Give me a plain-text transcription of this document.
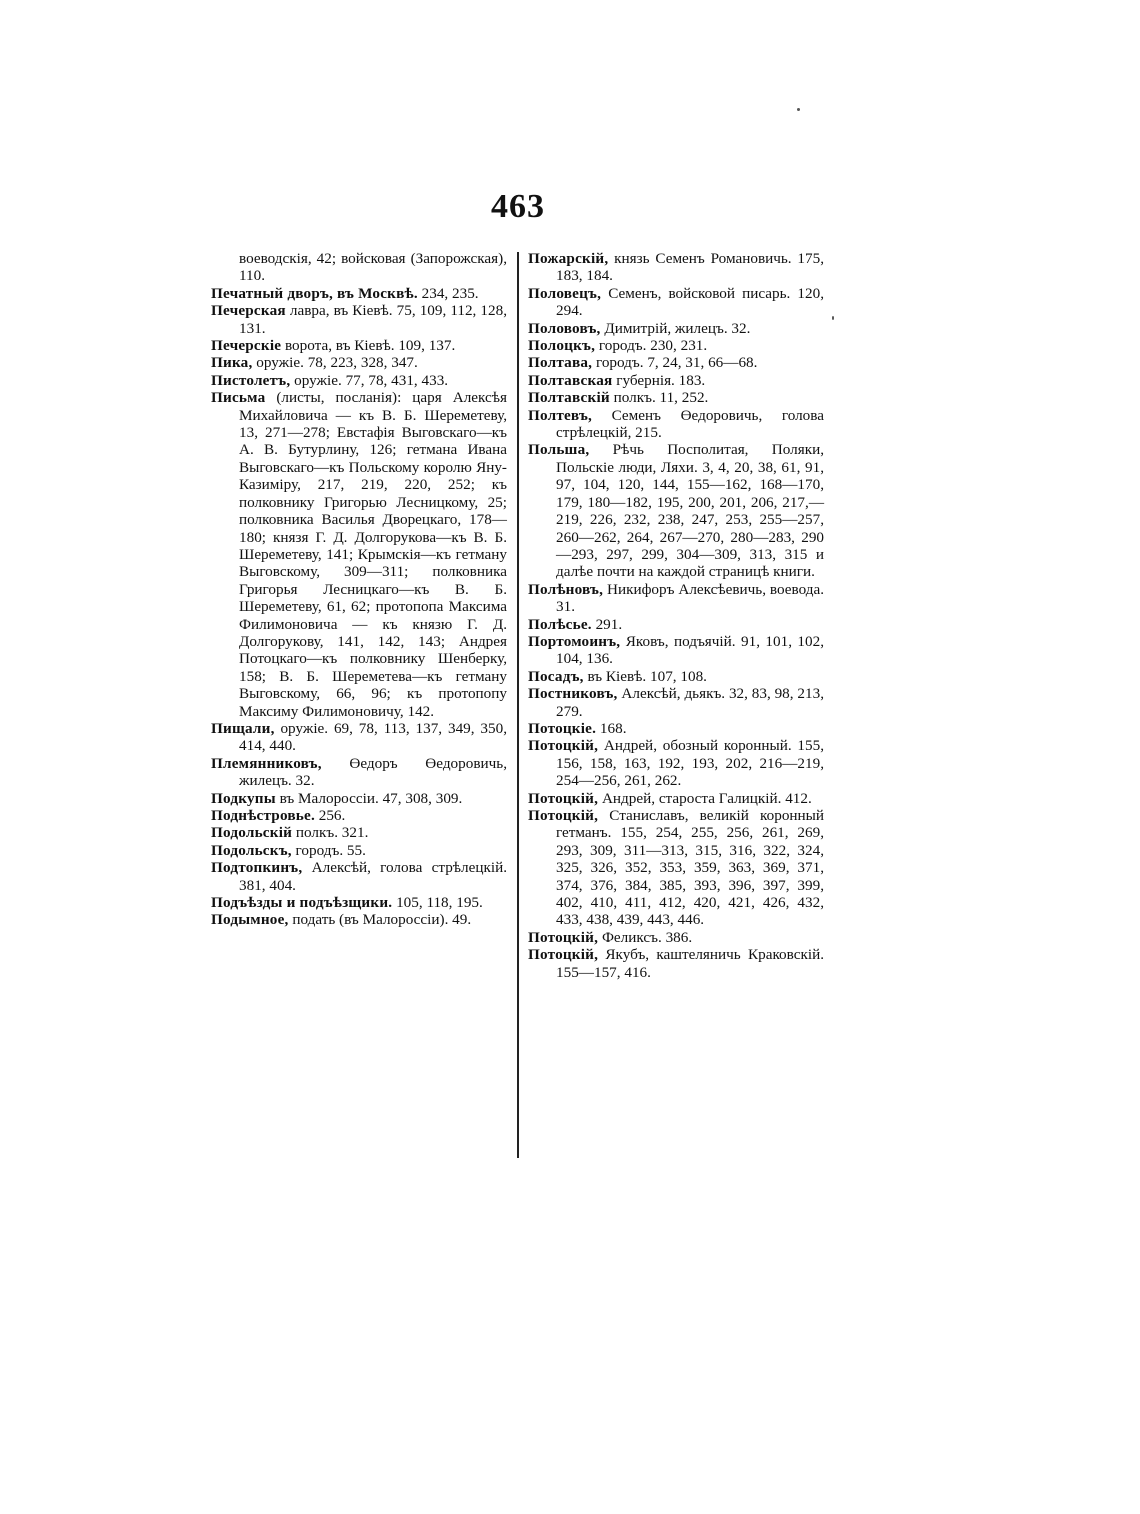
463

воеводскія, 42; войсковая (Запорожская), 110.

Печатный дворъ, въ Москвѣ. 234, 235.

Печерская лавра, въ Кіевѣ. 75, 109, 112, 128, 131.

Печерскіе ворота, въ Кіевѣ. 109, 137.

Пика, оружіе. 78, 223, 328, 347.

Пистолетъ, оружіе. 77, 78, 431, 433.

Письма (листы, посланія): царя Алексѣя Михайловича — къ В. Б. Шереметеву, 13, 271—278; Евстафія Выговскаго—къ А. В. Бутурлину, 126; гетмана Ивана Выговскаго—къ Польскому королю Яну-Казиміру, 217, 219, 220, 252; къ полковнику Григорью Лесницкому, 25; полковника Василья Дворецкаго, 178—180; князя Г. Д. Долгорукова—къ В. Б. Шереметеву, 141; Крымскія—къ гетману Выговскому, 309—311; полковника Григорья Лесницкаго—къ В. Б. Шереметеву, 61, 62; протопопа Максима Филимоновича — къ князю Г. Д. Долгорукову, 141, 142, 143; Андрея Потоцкаго—къ полковнику Шенберку, 158; В. Б. Шереметева—къ гетману Выговскому, 66, 96; къ протопопу Максиму Филимоновичу, 142.

Пищали, оружіе. 69, 78, 113, 137, 349, 350, 414, 440.

Племянниковъ, Өедоръ Өедоровичь, жилецъ. 32.

Подкупы въ Малороссіи. 47, 308, 309.

Поднѣстровье. 256.

Подольскій полкъ. 321.

Подольскъ, городъ. 55.

Подтопкинъ, Алексѣй, голова стрѣлецкій. 381, 404.

Подъѣзды и подъѣзщики. 105, 118, 195.

Подымное, подать (въ Малороссіи). 49.

Пожарскій, князь Семенъ Романовичь. 175, 183, 184.

Половецъ, Семенъ, войсковой писарь. 120, 294.

Полововъ, Димитрій, жилецъ. 32.

Полоцкъ, городъ. 230, 231.

Полтава, городъ. 7, 24, 31, 66—68.

Полтавская губернія. 183.

Полтавскій полкъ. 11, 252.

Полтевъ, Семенъ Өедоровичь, голова стрѣлецкій, 215.

Польша, Рѣчь Посполитая, Поляки, Польскіе люди, Ляхи. 3, 4, 20, 38, 61, 91, 97, 104, 120, 144, 155—162, 168—170, 179, 180—182, 195, 200, 201, 206, 217,—219, 226, 232, 238, 247, 253, 255—257, 260—262, 264, 267—270, 280—283, 290—293, 297, 299, 304—309, 313, 315 и далѣе почти на каждой страницѣ книги.

Полѣновъ, Никифоръ Алексѣевичь, воевода. 31.

Полѣсье. 291.

Портомоинъ, Яковъ, подъячій. 91, 101, 102, 104, 136.

Посадъ, въ Кіевѣ. 107, 108.

Постниковъ, Алексѣй, дьякъ. 32, 83, 98, 213, 279.

Потоцкіе. 168.

Потоцкій, Андрей, обозный коронный. 155, 156, 158, 163, 192, 193, 202, 216—219, 254—256, 261, 262.

Потоцкій, Андрей, староста Галицкій. 412.

Потоцкій, Станиславъ, великій коронный гетманъ. 155, 254, 255, 256, 261, 269, 293, 309, 311—313, 315, 316, 322, 324, 325, 326, 352, 353, 359, 363, 369, 371, 374, 376, 384, 385, 393, 396, 397, 399, 402, 410, 411, 412, 420, 421, 426, 432, 433, 438, 439, 443, 446.

Потоцкій, Феликсъ. 386.

Потоцкій, Якубъ, каштеляничь Краковскій. 155—157, 416.
